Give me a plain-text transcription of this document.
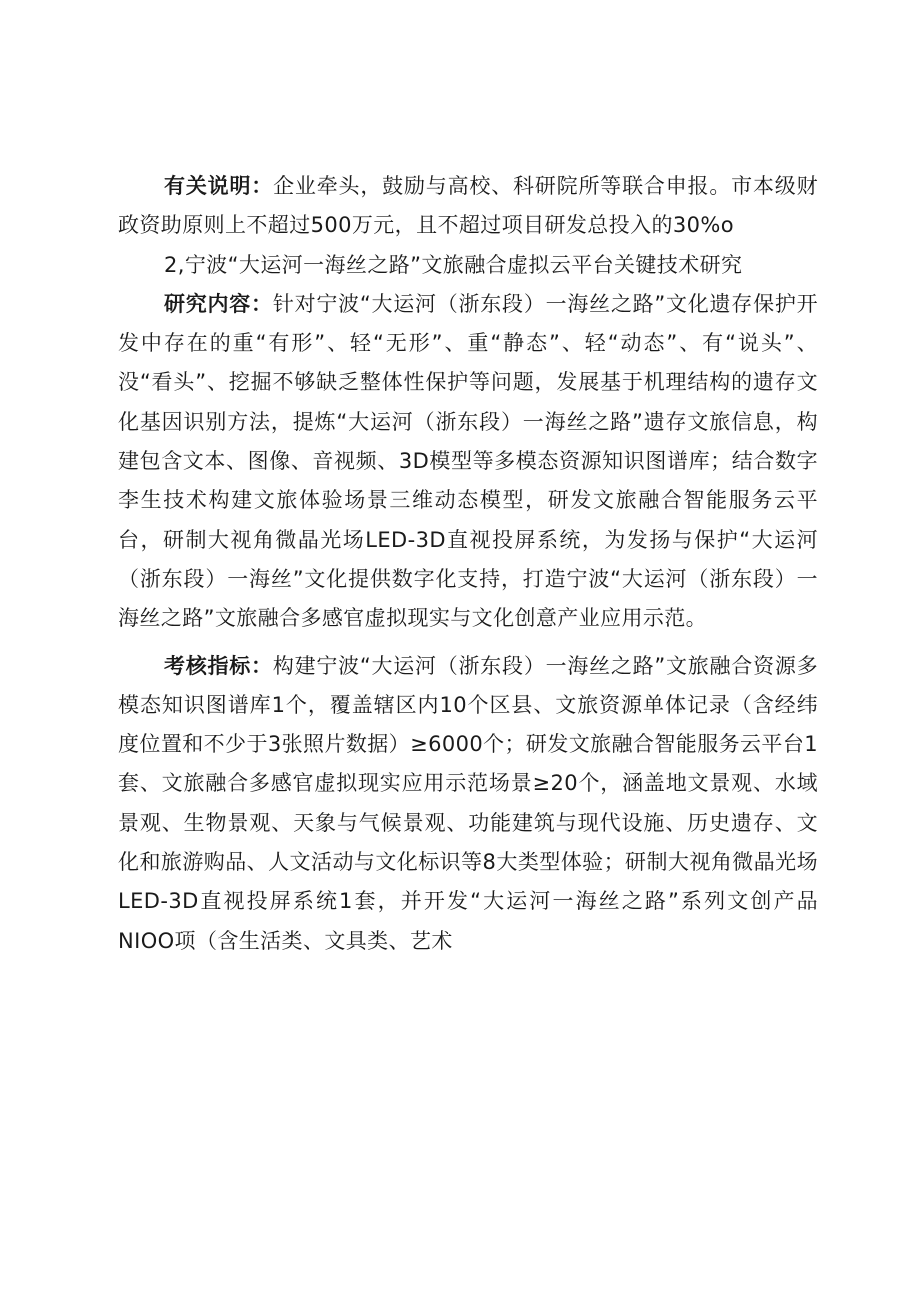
有关说明：企业牵头，鼓励与高校、科研院所等联合申报。市本级财政资助原则上不超过500万元，且不超过项目研发总投入的30%o

2,宁波“大运河一海丝之路”文旅融合虚拟云平台关键技术研究

研究内容：针对宁波“大运河（浙东段）一海丝之路”文化遗存保护开发中存在的重“有形”、轻“无形”、重“静态”、轻“动态”、有“说头”、没“看头”、挖掘不够缺乏整体性保护等问题，发展基于机理结构的遗存文化基因识别方法，提炼“大运河（浙东段）一海丝之路”遗存文旅信息，构建包含文本、图像、音视频、3D模型等多模态资源知识图谱库；结合数字李生技术构建文旅体验场景三维动态模型，研发文旅融合智能服务云平台，研制大视角微晶光场LED-3D直视投屏系统，为发扬与保护“大运河（浙东段）一海丝”文化提供数字化支持，打造宁波“大运河（浙东段）一海丝之路”文旅融合多感官虚拟现实与文化创意产业应用示范。

考核指标：构建宁波“大运河（浙东段）一海丝之路”文旅融合资源多模态知识图谱库1个，覆盖辖区内10个区县、文旅资源单体记录（含经纬度位置和不少于3张照片数据）≥6000个；研发文旅融合智能服务云平台1套、文旅融合多感官虚拟现实应用示范场景≥20个，涵盖地文景观、水域景观、生物景观、天象与气候景观、功能建筑与现代设施、历史遗存、文化和旅游购品、人文活动与文化标识等8大类型体验；研制大视角微晶光场LED-3D直视投屏系统1套，并开发“大运河一海丝之路”系列文创产品NIOO项（含生活类、文具类、艺术
